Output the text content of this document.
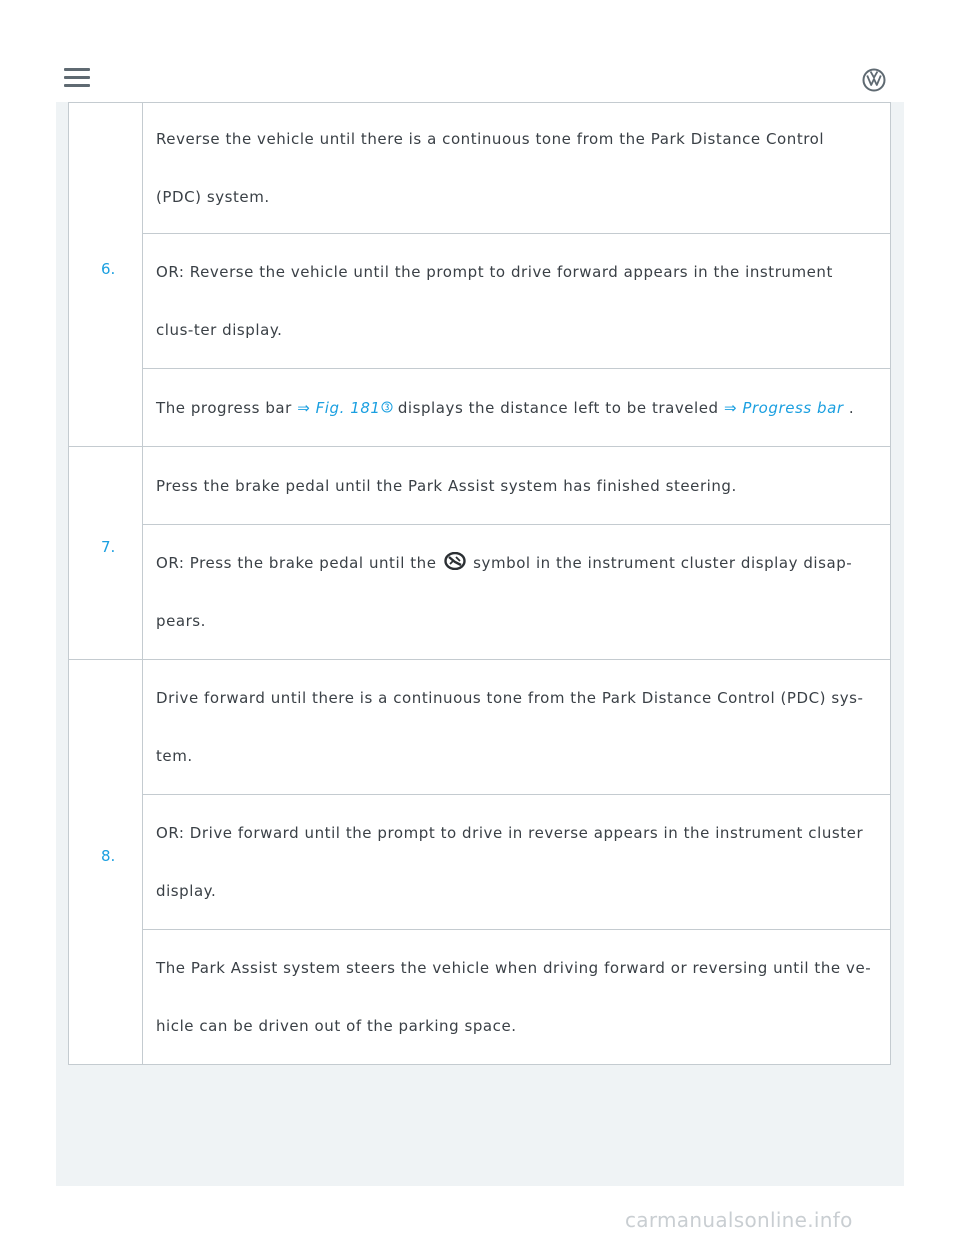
6.	Reverse the vehicle until there is a continuous tone from the Park Distance Control (PDC) system.

	OR: Reverse the vehicle until the prompt to drive forward appears in the instrument clus-ter display.

	The progress bar ⇒ Fig. 181 displays the distance left to be traveled ⇒ Progress bar .

7.	Press the brake pedal until the Park Assist system has finished steering.

	OR: Press the brake pedal until the symbol in the instrument cluster display disap-pears.

8.	Drive forward until there is a continuous tone from the Park Distance Control (PDC) sys-tem.

	OR: Drive forward until the prompt to drive in reverse appears in the instrument cluster display.

	The Park Assist system steers the vehicle when driving forward or reversing until the ve-hicle can be driven out of the parking space.
carmanualsonline.info
